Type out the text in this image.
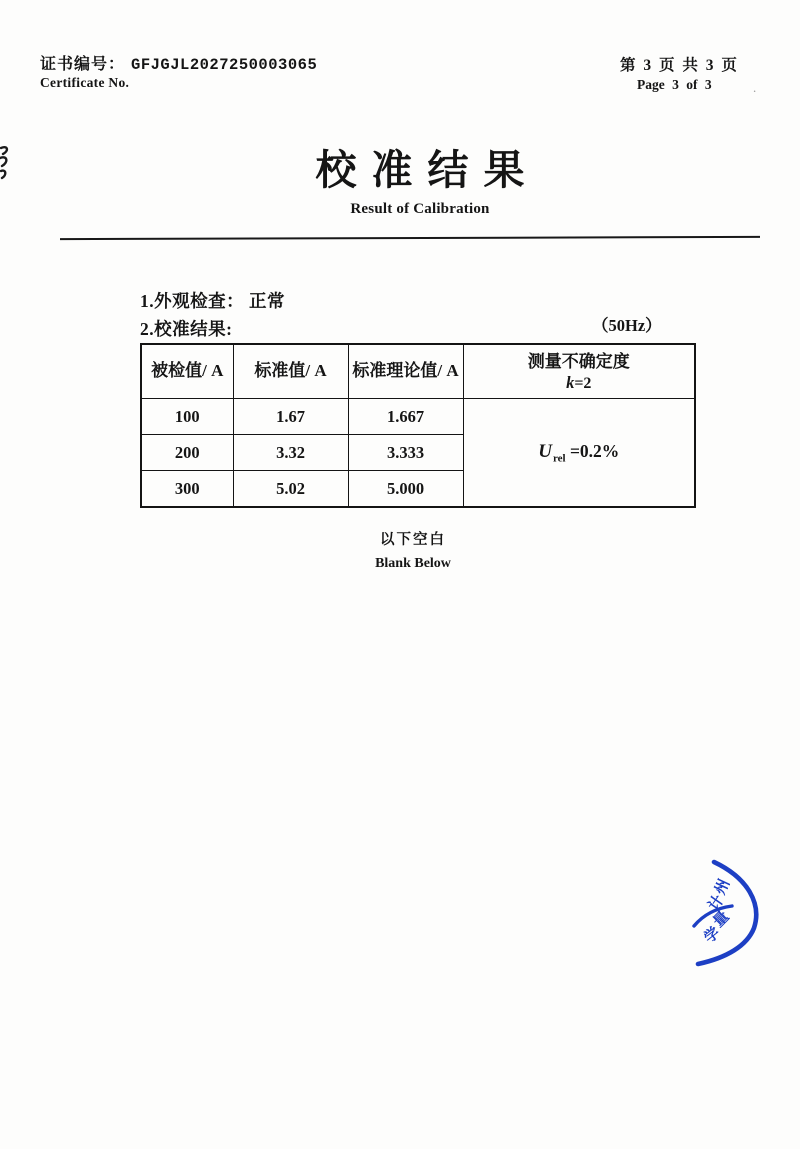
证书编号： GFJGJL2027250003065
Certificate No.
第 3 页 共 3 页
Page 3 of 3	.
校准结果
Result of Calibration
1.外观检查： 正常
2.校准结果:	（50Hz）
被检值/ A	标准值/ A	标准理论值/ A	测量不确定度
k=2

100	1.67	1.667	$U_{rel} =0.2\%$
200	3.32	3.333	
300	5.02	5.000	
以下空白
Blank Below
州
计
量
学
